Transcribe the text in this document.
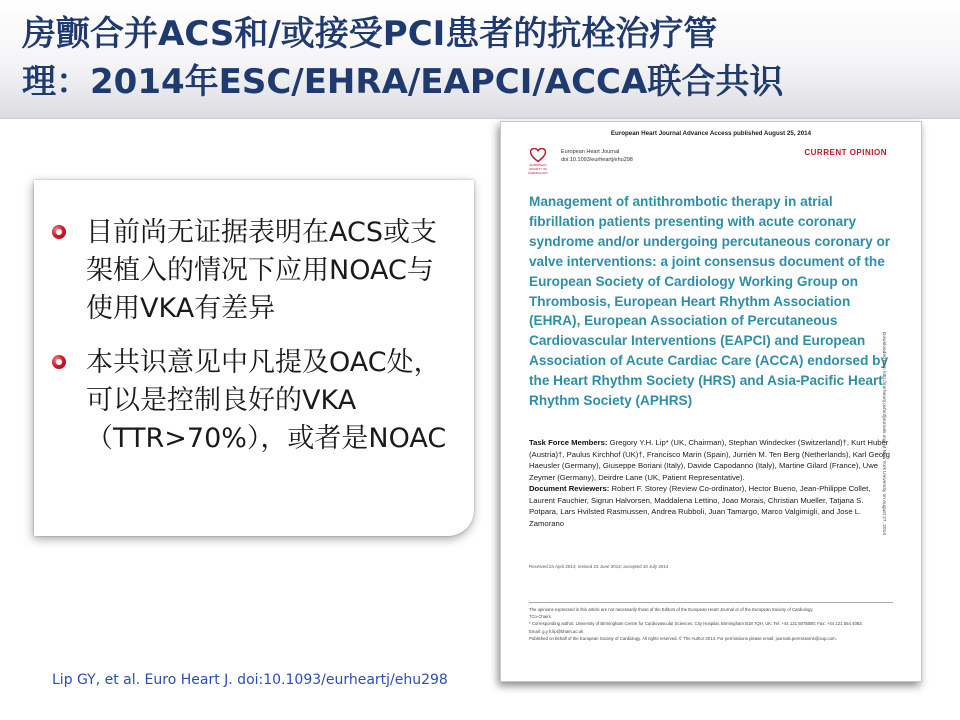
房颤合并ACS和/或接受PCI患者的抗栓治疗管
理：2014年ESC/EHRA/EAPCI/ACCA联合共识
目前尚无证据表明在ACS或支架植入的情况下应用NOAC与使用VKA有差异
本共识意见中凡提及OAC处，可以是控制良好的VKA（TTR>70%），或者是NOAC
Lip GY, et al. Euro Heart J. doi:10.1093/eurheartj/ehu298
European Heart Journal Advance Access published August 25, 2014
EUROPEAN SOCIETY OF CARDIOLOGY
European Heart Journal
doi:10.1093/eurheartj/ehu298
CURRENT OPINION
Management of antithrombotic therapy in atrial fibrillation patients presenting with acute coronary syndrome and/or undergoing percutaneous coronary or valve interventions: a joint consensus document of the European Society of Cardiology Working Group on Thrombosis, European Heart Rhythm Association (EHRA), European Association of Percutaneous Cardiovascular Interventions (EAPCI) and European Association of Acute Cardiac Care (ACCA) endorsed by the Heart Rhythm Society (HRS) and Asia-Pacific Heart Rhythm Society (APHRS)

Task Force Members: Gregory Y.H. Lip* (UK, Chairman), Stephan Windecker (Switzerland)†, Kurt Huber (Austria)†, Paulus Kirchhof (UK)†, Francisco Marin (Spain), Jurriën M. Ten Berg (Netherlands), Karl Georg Haeusler (Germany), Giuseppe Boriani (Italy), Davide Capodanno (Italy), Martine Gilard (France), Uwe Zeymer (Germany), Deirdre Lane (UK, Patient Representative).
Document Reviewers: Robert F. Storey (Review Co-ordinator), Hector Bueno, Jean-Philippe Collet, Laurent Fauchier, Sigrun Halvorsen, Maddalena Lettino, Joao Morais, Christian Mueller, Tatjana S. Potpara, Lars Hvilsted Rasmussen, Andrea Rubboli, Juan Tamargo, Marco Valgimigli, and Jose L. Zamorano

Received 24 April 2014; revised 23 June 2014; accepted 10 July 2014
The opinions expressed in this article are not necessarily those of the Editors of the European Heart Journal or of the European Society of Cardiology.
†Co-Chairs.
* Corresponding author. University of Birmingham Centre for Cardiovascular Sciences, City Hospital, Birmingham B18 7QH, UK. Tel: +44 121 5075080; Fax: +44 121 554 4083.
Email: g.y.h.lip@bham.ac.uk
Published on behalf of the European Society of Cardiology. All rights reserved. © The Author 2014. For permissions please email: journals.permissions@oup.com.
Downloaded from http://eurheartj.oxfordjournals.org/ at New York University on August 27, 2014
